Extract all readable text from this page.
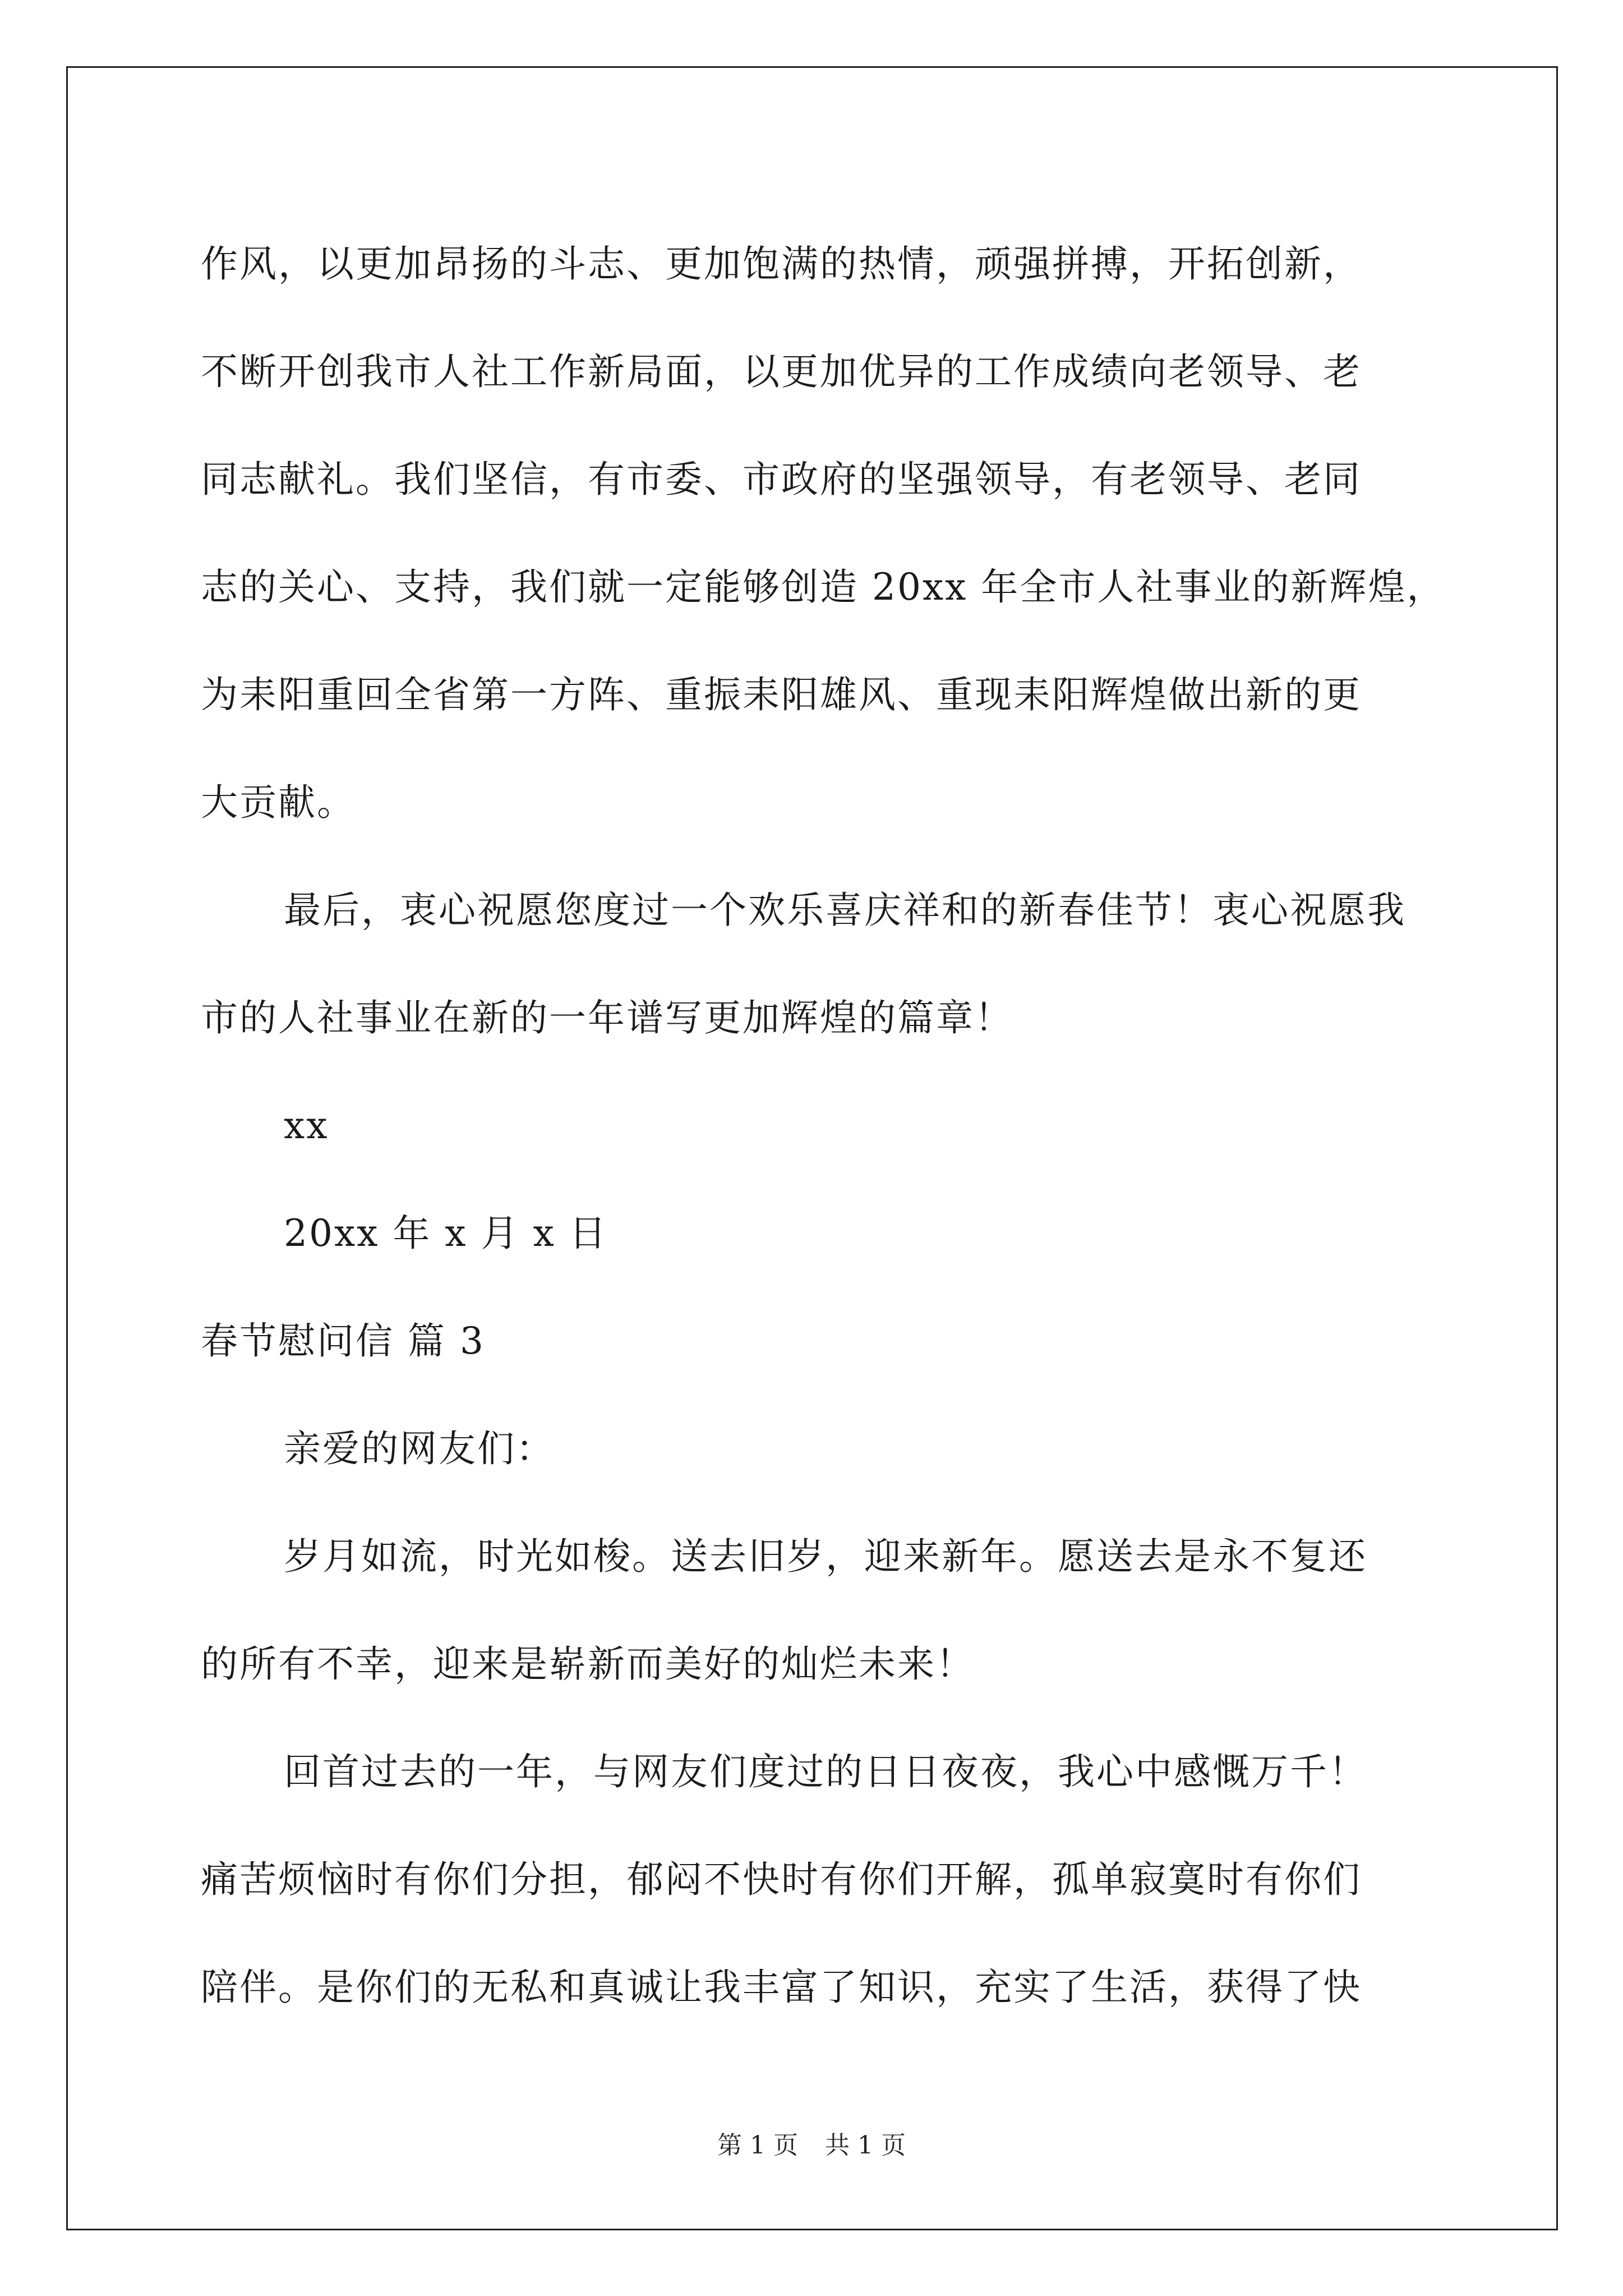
作风，以更加昂扬的斗志、更加饱满的热情，顽强拼搏，开拓创新，
不断开创我市人社工作新局面，以更加优异的工作成绩向老领导、老
同志献礼。我们坚信，有市委、市政府的坚强领导，有老领导、老同
志的关心、支持，我们就一定能够创造 20xx 年全市人社事业的新辉煌，
为耒阳重回全省第一方阵、重振耒阳雄风、重现耒阳辉煌做出新的更
大贡献。
最后，衷心祝愿您度过一个欢乐喜庆祥和的新春佳节！衷心祝愿我
市的人社事业在新的一年谱写更加辉煌的篇章！
xx
20xx 年 x 月 x 日
春节慰问信 篇 3
亲爱的网友们：
岁月如流，时光如梭。送去旧岁，迎来新年。愿送去是永不复还
的所有不幸，迎来是崭新而美好的灿烂未来！
回首过去的一年，与网友们度过的日日夜夜，我心中感慨万千！
痛苦烦恼时有你们分担，郁闷不快时有你们开解，孤单寂寞时有你们
陪伴。是你们的无私和真诚让我丰富了知识，充实了生活，获得了快
第 1 页 共 1 页
